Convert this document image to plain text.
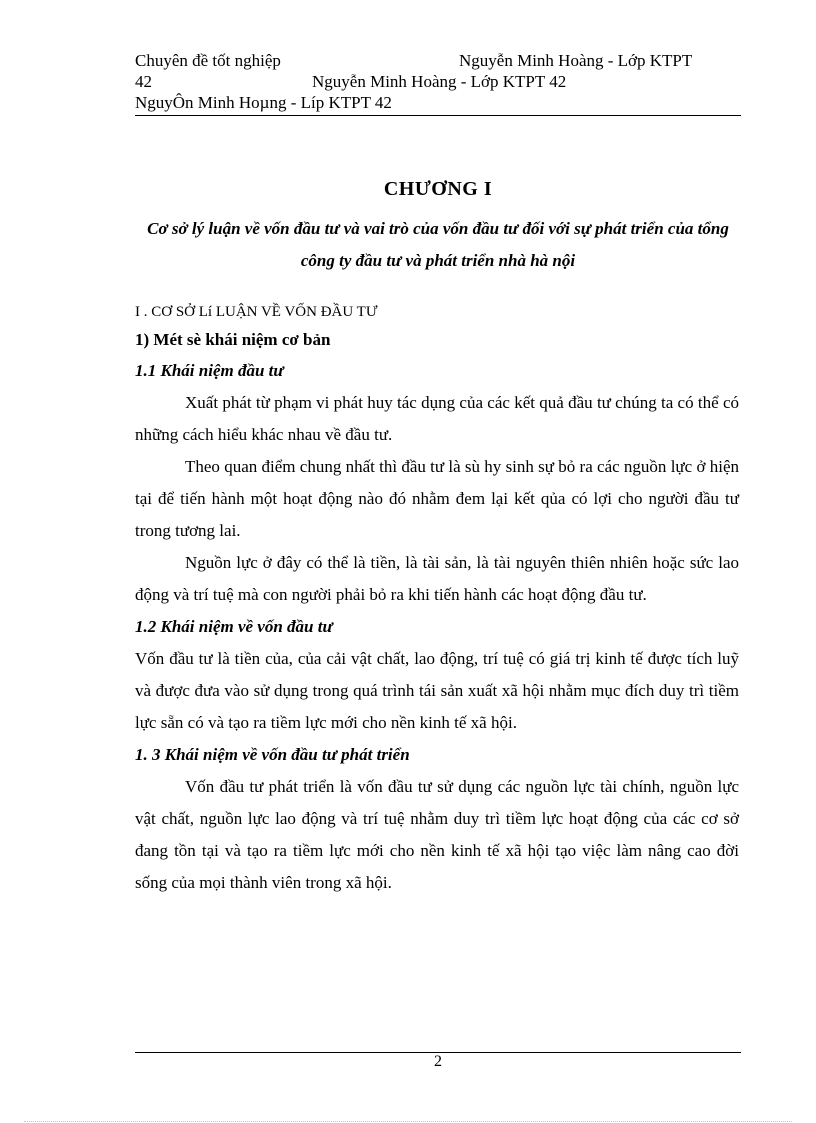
Chuyên đề tốt nghiệp	Nguyễn Minh Hoàng - Lớp KTPT
42	Nguyễn Minh Hoàng - Lớp KTPT 42
NguyÔn Minh Hoµng - Líp KTPT 42
CHƯƠNG I
Cơ sở lý luận về vốn đầu tư và vai trò của vốn đầu tư đối với sự phát triển của tổng công ty đầu tư và phát triển nhà hà nội

I . CƠ SỞ Lí LUẬN VỀ VỐN ĐẦU TƯ

1) Mét sè khái niệm cơ bản

1.1 Khái niệm đầu tư

Xuất phát từ phạm vi phát huy tác dụng của các kết quả đầu tư chúng ta có thể có những cách hiểu khác nhau về đầu tư.

Theo quan điểm chung nhất thì đầu tư là sù hy sinh sự bỏ ra các nguồn lực ở hiện tại để tiến hành một hoạt động nào đó nhằm đem lại kết qủa có lợi cho người đầu tư trong tương lai.

Nguồn lực ở đây có thể là tiền, là tài sản, là tài nguyên thiên nhiên hoặc sức lao động và trí tuệ mà con người phải bỏ ra khi tiến hành các hoạt động đầu tư.

1.2 Khái niệm về vốn đầu tư

Vốn đầu tư là tiền của, của cải vật chất, lao động, trí tuệ có giá trị kinh tế được tích luỹ và được đưa vào sử dụng trong quá trình tái sản xuất xã hội nhằm mục đích duy trì tiềm lực sẵn có và tạo ra tiềm lực mới cho nền kinh tế xã hội.

1. 3 Khái niệm về vốn đầu tư phát triển

Vốn đầu tư phát triển là vốn đầu tư sử dụng các nguồn lực tài chính, nguồn lực vật chất, nguồn lực lao động và trí tuệ nhằm duy trì tiềm lực hoạt động của các cơ sở đang tồn tại và tạo ra tiềm lực mới cho nền kinh tế xã hội tạo việc làm nâng cao đời sống của mọi thành viên trong xã hội.

2
